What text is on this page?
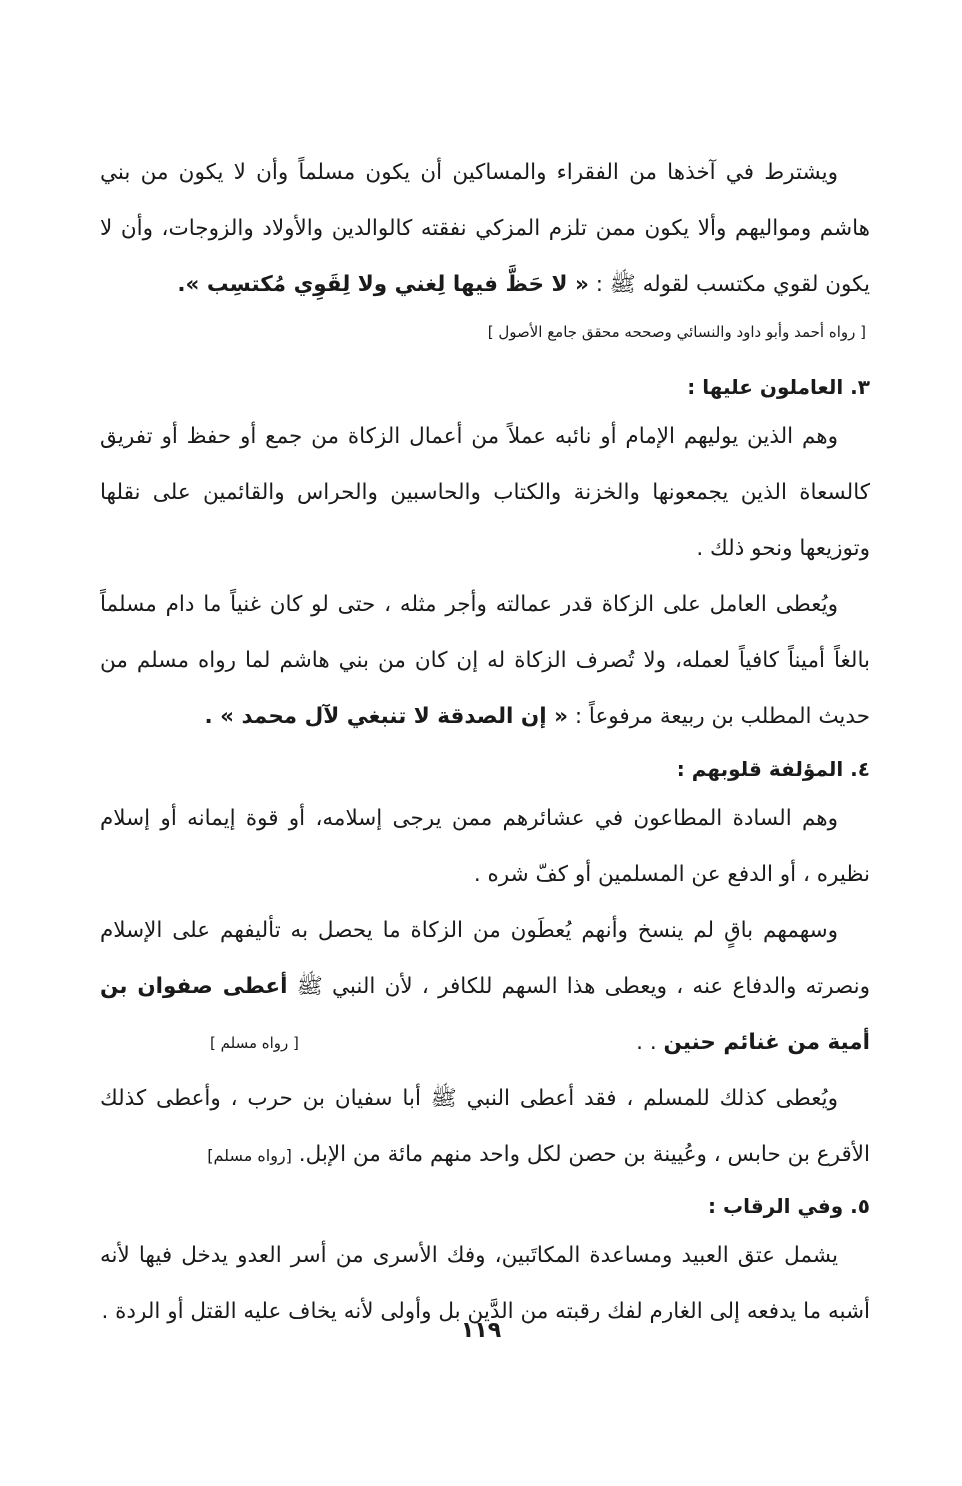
ويشترط في آخذها من الفقراء والمساكين أن يكون مسلماً وأن لا يكون من بني هاشم ومواليهم وألا يكون ممن تلزم المزكي نفقته كالوالدين والأولاد والزوجات، وأن لا يكون لقوي مكتسب لقوله ﷺ : « لا حَظَّ فيها لِغني ولا لِقَوِي مُكتسِب ».

[ رواه أحمد وأبو داود والنسائي وصححه محقق جامع الأصول ]

٣. العاملون عليها :

وهم الذين يوليهم الإمام أو نائبه عملاً من أعمال الزكاة من جمع أو حفظ أو تفريق كالسعاة الذين يجمعونها والخزنة والكتاب والحاسبين والحراس والقائمين على نقلها وتوزيعها ونحو ذلك .

ويُعطى العامل على الزكاة قدر عمالته وأجر مثله ، حتى لو كان غنياً ما دام مسلماً بالغاً أميناً كافياً لعمله، ولا تُصرف الزكاة له إن كان من بني هاشم لما رواه مسلم من حديث المطلب بن ربيعة مرفوعاً : « إن الصدقة لا تنبغي لآل محمد » .

٤. المؤلفة قلوبهم :

وهم السادة المطاعون في عشائرهم ممن يرجى إسلامه، أو قوة إيمانه أو إسلام نظيره ، أو الدفع عن المسلمين أو كفّ شره .

وسهمهم باقٍ لم ينسخ وأنهم يُعطَون من الزكاة ما يحصل به تأليفهم على الإسلام ونصرته والدفاع عنه ، ويعطى هذا السهم للكافر ، لأن النبي ﷺ أعطى صفوان بن أمية من غنائم حنين . .
[ رواه مسلم ]

ويُعطى كذلك للمسلم ، فقد أعطى النبي ﷺ أبا سفيان بن حرب ، وأعطى كذلك الأقرع بن حابس ، وعُيينة بن حصن لكل واحد منهم مائة من الإبل. [رواه مسلم]

٥. وفي الرقاب :

يشمل عتق العبيد ومساعدة المكاتَبين، وفك الأسرى من أسر العدو يدخل فيها لأنه أشبه ما يدفعه إلى الغارم لفك رقبته من الدَّين بل وأولى لأنه يخاف عليه القتل أو الردة .

١١٩
